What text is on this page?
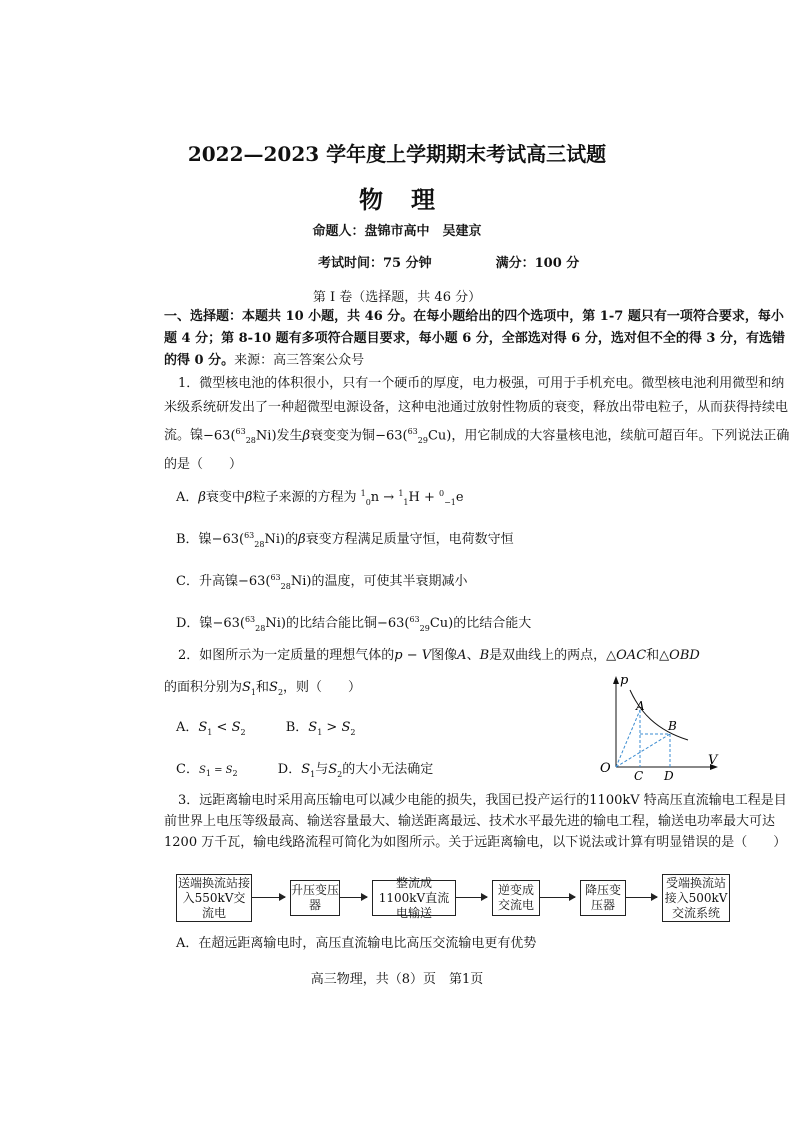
2022—2023 学年度上学期期末考试高三试题
物理
命题人：盘锦市高中　吴建京
考试时间：75 分钟	满分：100 分
第 I 卷（选择题，共 46 分）
一、选择题：本题共 10 小题，共 46 分。在每小题给出的四个选项中，第 1-7 题只有一项符合要求，每小题 4 分；第 8-10 题有多项符合题目要求，每小题 6 分，全部选对得 6 分，选对但不全的得 3 分，有选错的得 0 分。来源：高三答案公众号
1．微型核电池的体积很小，只有一个硬币的厚度，电力极强，可用于手机充电。微型核电池利用微型和纳米级系统研发出了一种超微型电源设备，这种电池通过放射性物质的衰变，释放出带电粒子，从而获得持续电流。镍−63($^{63}_{28}$Ni)发生β衰变变为铜−63($^{63}_{29}$Cu)，用它制成的大容量核电池，续航可超百年。下列说法正确的是（　　）
A．β衰变中β粒子来源的方程为 $^1_0$n → $^1_1$H + $^0_{-1}$e
B．镍−63($^{63}_{28}$Ni)的β衰变方程满足质量守恒，电荷数守恒
C．升高镍−63($^{63}_{28}$Ni)的温度，可使其半衰期减小
D．镍−63($^{63}_{28}$Ni)的比结合能比铜−63($^{63}_{29}$Cu)的比结合能大
2．如图所示为一定质量的理想气体的p − V图像A、B是双曲线上的两点，△OAC和△OBD
的面积分别为$S_1$和$S_2$，则（　　）
A．$S_1 < S_2$	B．$S_1 > S_2$
C．$S_1 = S_2$	D．$S_1$与$S_2$的大小无法确定
p
V
O
A
B
C D
3．远距离输电时采用高压输电可以减少电能的损失，我国已投产运行的1100kV 特高压直流输电工程是目前世界上电压等级最高、输送容量最大、输送距离最远、技术水平最先进的输电工程，输送电功率最大可达 1200 万千瓦，输电线路流程可简化为如图所示。关于远距离输电，以下说法或计算有明显错误的是（　　）
送端换流站接入550kV交流电
升压变压器
整流成1100kV直流电输送
逆变成交流电
降压变压器
受端换流站接入500kV交流系统
A．在超远距离输电时，高压直流输电比高压交流输电更有优势
高三物理，共（8）页　第1页
